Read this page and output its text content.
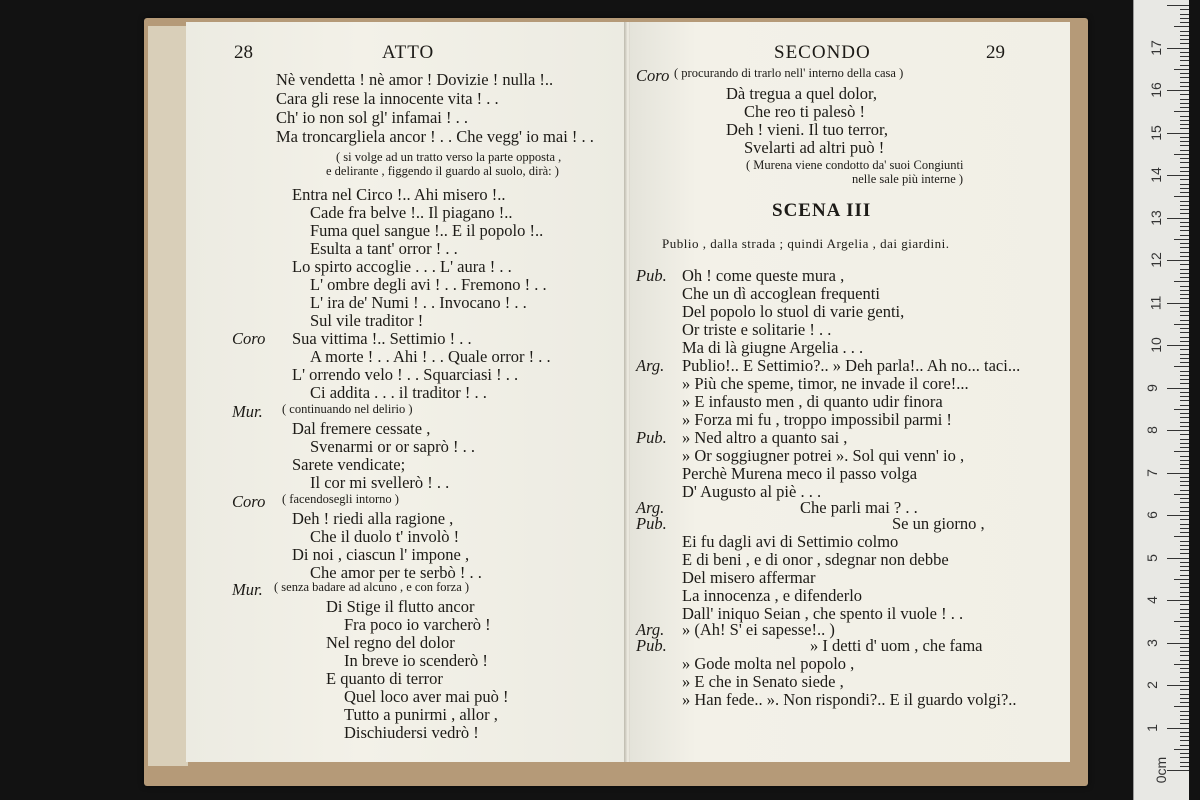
28	ATTO
Nè vendetta ! nè amor ! Dovizie ! nulla !..
Cara gli rese la innocente vita ! . .
Ch' io non sol gl' infamai ! . .
Ma troncargliela ancor ! . . Che vegg' io mai ! . .
( si volge ad un tratto verso la parte opposta ,
e delirante , figgendo il guardo al suolo, dirà: )
Entra nel Circo !.. Ahi misero !..
Cade fra belve !.. Il piagano !..
Fuma quel sangue !.. E il popolo !..
Esulta a tant' orror ! . .
Lo spirto accoglie . . . L' aura ! . .
L' ombre degli avi ! . . Fremono ! . .
L' ira de' Numi ! . . Invocano ! . .
Sul vile traditor !
Sua vittima !.. Settimio ! . .
A morte ! . . Ahi ! . . Quale orror ! . .
L' orrendo velo ! . . Squarciasi ! . .
Ci addita . . . il traditor ! . .
( continuando nel delirio )
Dal fremere cessate ,
Svenarmi or or saprò ! . .
Sarete vendicate;
Il cor mi svellerò ! . .
( facendosegli intorno )
Deh ! riedi alla ragione ,
Che il duolo t' involò !
Di noi , ciascun l' impone ,
Che amor per te serbò ! . .
( senza badare ad alcuno , e con forza )
Di Stige il flutto ancor
Fra poco io varcherò !
Nel regno del dolor
In breve io scenderò !
E quanto di terror
Quel loco aver mai può !
Tutto a punirmi , allor ,
Dischiudersi vedrò !
Coro
Mur.
Coro
Mur.
29
SECONDO
SCENA III
Publio , dalla strada ; quindi Argelia , dai giardini.
( procurando di trarlo nell' interno della casa )
Dà tregua a quel dolor,
Che reo ti palesò !
Deh ! vieni. Il tuo terror,
Svelarti ad altri può !
( Murena viene condotto da' suoi Congiunti
nelle sale più interne )
Oh ! come queste mura ,
Che un dì accoglean frequenti
Del popolo lo stuol di varie genti,
Or triste e solitarie ! . .
Ma di là giugne Argelia . . .
Publio!.. E Settimio?.. » Deh parla!.. Ah no... taci...
» Più che speme, timor, ne invade il core!...
» E infausto men , di quanto udir finora
» Forza mi fu , troppo impossibil parmi !
» Ned altro a quanto sai ,
» Or soggiugner potrei ». Sol qui venn' io ,
Perchè Murena meco il passo volga
D' Augusto al piè . . .
Che parli mai ? . .
Se un giorno ,
Ei fu dagli avi di Settimio colmo
E di beni , e di onor , sdegnar non debbe
Del misero affermar
La innocenza , e difenderlo
Dall' iniquo Seian , che spento il vuole ! . .
» (Ah! S' ei sapesse!.. )
» I detti d' uom , che fama
» Gode molta nel popolo ,
» E che in Senato siede ,
» Han fede.. ». Non rispondi?.. E il guardo volgi?..
Coro
Pub.
Arg.
Pub.
Arg.
Pub.
Arg.
Pub.
17
16
15
14
13
12
11
10
9
8
7
6
5
4
3
2
1
0cm
